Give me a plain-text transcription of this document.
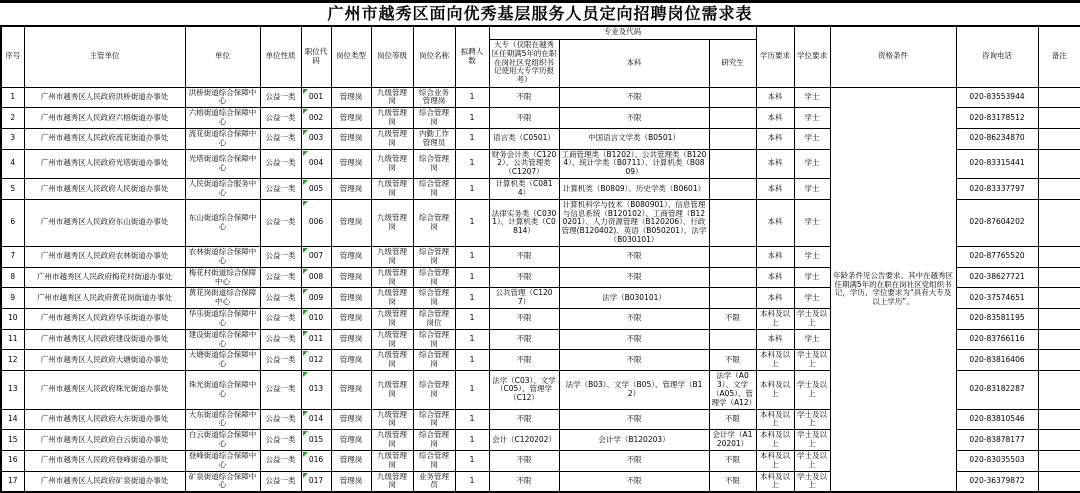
广州市越秀区面向优秀基层服务人员定向招聘岗位需求表
序号	主管单位	单位	单位性质	职位代码	岗位类型	岗位等级	岗位名称	拟聘人数	专业及代码			学历要求	学位要求	资格条件	咨询电话	备注
									大专（仅限在越秀区任期满5年的在职在岗社区党组织书记使用大专学历报考）	本科	研究生					
1	广州市越秀区人民政府洪桥街道办事处	洪桥街道综合保障中心	公益一类	001	管理岗	九级管理岗	综合业务管理岗	1	不限	不限		本科	学士	年龄条件见公告要求。其中在越秀区任期满5年的在职在岗社区党组织书记，学历、学位要求为“具有大专及以上学历”。	020-83553944	
2	广州市越秀区人民政府六榕街道办事处	六榕街道综合保障中心	公益一类	002	管理岗	九级管理岗	综合管理岗	1	不限	不限		本科	学士		020-83178512	
3	广州市越秀区人民政府流花街道办事处	流花街道综合保障中心	公益一类	003	管理岗	九级管理岗	内勤工作管理员	1	语言类（C0501）	中国语言文学类（B0501）		本科	学士		020-86234870	
4	广州市越秀区人民政府光塔街道办事处	光塔街道综合保障中心	公益一类	004	管理岗	九级管理岗	综合管理岗	1	财务会计类（C1202）、公共管理类（C1207）	工商管理类（B1202）、公共管理类（B1204）、统计学类（B0711）、计算机类（B0809）		本科	学士		020-83315441	
5	广州市越秀区人民政府人民街道办事处	人民街道综合服务中心	公益一类	005	管理岗	九级管理岗	综合管理岗	1	计算机类（C0814）	计算机类（B0809）、历史学类（B0601）		本科	学士		020-83337797	
6	广州市越秀区人民政府东山街道办事处	东山街道综合保障中心	公益一类	006	管理岗	九级管理岗	综合管理岗	1	法律实务类（C0301）、计算机类（C0814）	计算机科学与技术（B080901）、信息管理与信息系统（B120102）、工商管理（B120201）、人力资源管理（B120206）、行政管理(B120402)、英语（B050201）、法学（B030101）		本科	学士		020-87604202	
7	广州市越秀区人民政府农林街道办事处	农林街道综合保障中心	公益一类	007	管理岗	九级管理岗	综合管理岗	1	不限	不限		本科	学士		020-87765520	
8	广州市越秀区人民政府梅花村街道办事处	梅花村街道综合保障中心	公益一类	008	管理岗	九级管理岗	综合管理岗	1	不限	不限		本科	学士		020-38627721	
9	广州市越秀区人民政府黄花岗街道办事处	黄花岗街道综合保障中心	公益一类	009	管理岗	九级管理岗	综合管理岗	1	公共管理（C1207）	法学（B030101）		本科	学士		020-37574651	
10	广州市越秀区人民政府华乐街道办事处	华乐街道综合保障中心	公益一类	010	管理岗	九级管理岗	综合管理岗位	1	不限	不限	不限	本科及以上	学士及以上		020-83581195	
11	广州市越秀区人民政府建设街道办事处	建设街道综合保障中心	公益一类	011	管理岗	九级管理岗	综合管理岗	1	不限	不限		本科	学士		020-83766116	
12	广州市越秀区人民政府大塘街道办事处	大塘街道综合保障中心	公益一类	012	管理岗	九级管理岗	综合管理岗	1	不限	不限	不限	本科及以上	学士及以上		020-83816406	
13	广州市越秀区人民政府珠光街道办事处	珠光街道综合保障中心	公益一类	013	管理岗	九级管理岗	综合管理岗	1	法学（C03）、文学（C05）、管理学（C12）	法学（B03）、文学（B05）、管理学（B12）	法学（A03）、文学（A05）、管理学（A12）	本科及以上	学士及以上		020-83182287	
14	广州市越秀区人民政府大东街道办事处	大东街道综合保障中心	公益一类	014	管理岗	九级管理岗	综合管理岗	1	不限	不限	不限	本科及以上	学士及以上		020-83810546	
15	广州市越秀区人民政府白云街道办事处	白云街道综合保障中心	公益一类	015	管理岗	九级管理岗	综合管理岗	1	会计（C120202）	会计学（B120203）	会计学（A120201）	本科及以上	学士及以上		020-83878177	
16	广州市越秀区人民政府登峰街道办事处	登峰街道综合保障中心	公益一类	016	管理岗	九级管理岗	综合管理岗	1	不限	不限	不限	本科及以上	学士及以上		020-83035503	
17	广州市越秀区人民政府矿泉街道办事处	矿泉街道综合保障中心	公益一类	017	管理岗	九级管理岗	业务管理员	1	不限	不限	不限	本科及以上	学士及以上		020-36379872	
